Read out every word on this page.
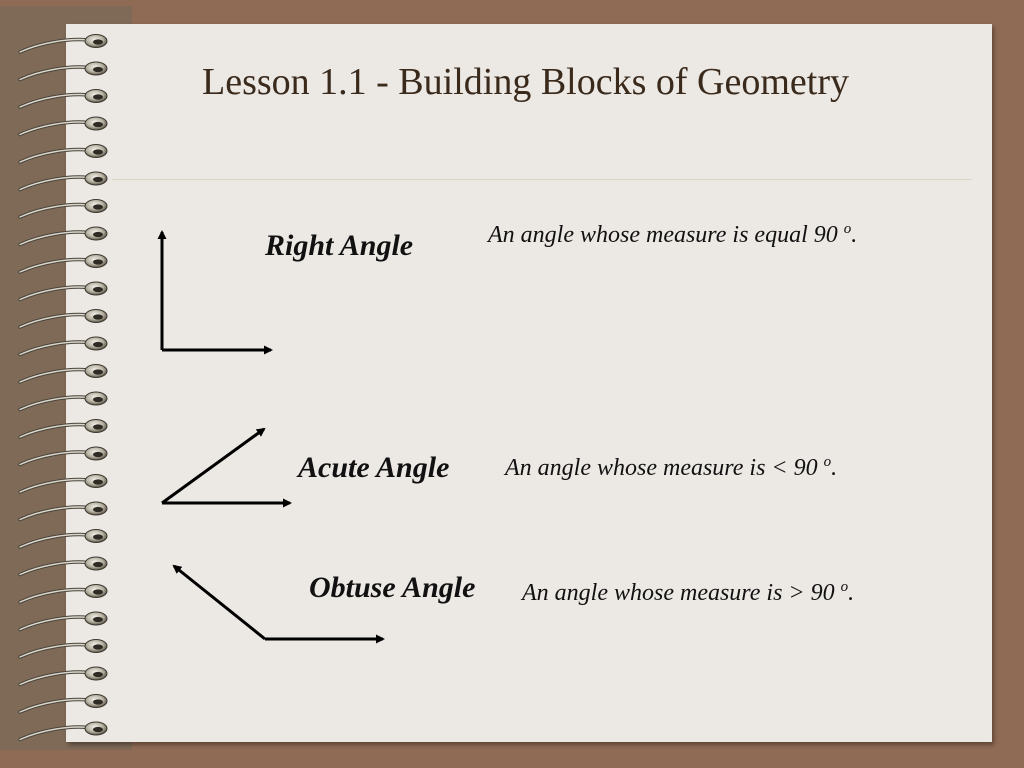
Lesson 1.1 - Building Blocks of Geometry
Right Angle	An angle whose measure is equal 90 $^o$.
Acute Angle An angle whose measure is < 90 $^o$.
Obtuse Angle An angle whose measure is > 90 $^o$.
